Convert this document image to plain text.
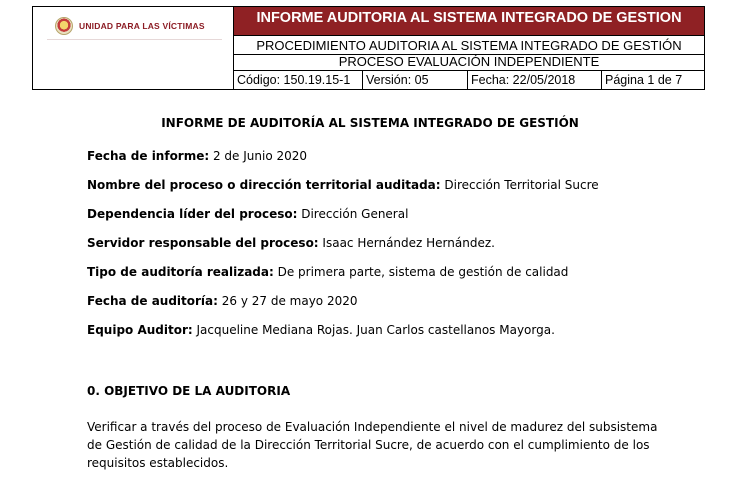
UNIDAD PARA LAS VÍCTIMAS	INFORME AUDITORIA AL SISTEMA INTEGRADO DE GESTION
PROCEDIMIENTO AUDITORIA AL SISTEMA INTEGRADO DE GESTIÓN
PROCESO EVALUACIÓN INDEPENDIENTE
Código: 150.19.15-1	Versión: 05	Fecha: 22/05/2018	Página 1 de 7
INFORME DE AUDITORÍA AL SISTEMA INTEGRADO DE GESTIÓN
Fecha de informe: 2 de Junio 2020
Nombre del proceso o dirección territorial auditada: Dirección Territorial Sucre
Dependencia líder del proceso: Dirección General
Servidor responsable del proceso: Isaac Hernández Hernández.
Tipo de auditoría realizada: De primera parte, sistema de gestión de calidad
Fecha de auditoría: 26 y 27 de mayo 2020
Equipo Auditor: Jacqueline Mediana Rojas. Juan Carlos castellanos Mayorga.
0. OBJETIVO DE LA AUDITORIA
Verificar a través del proceso de Evaluación Independiente el nivel de madurez del subsistema de Gestión de calidad de la Dirección Territorial Sucre, de acuerdo con el cumplimiento de los requisitos establecidos.
